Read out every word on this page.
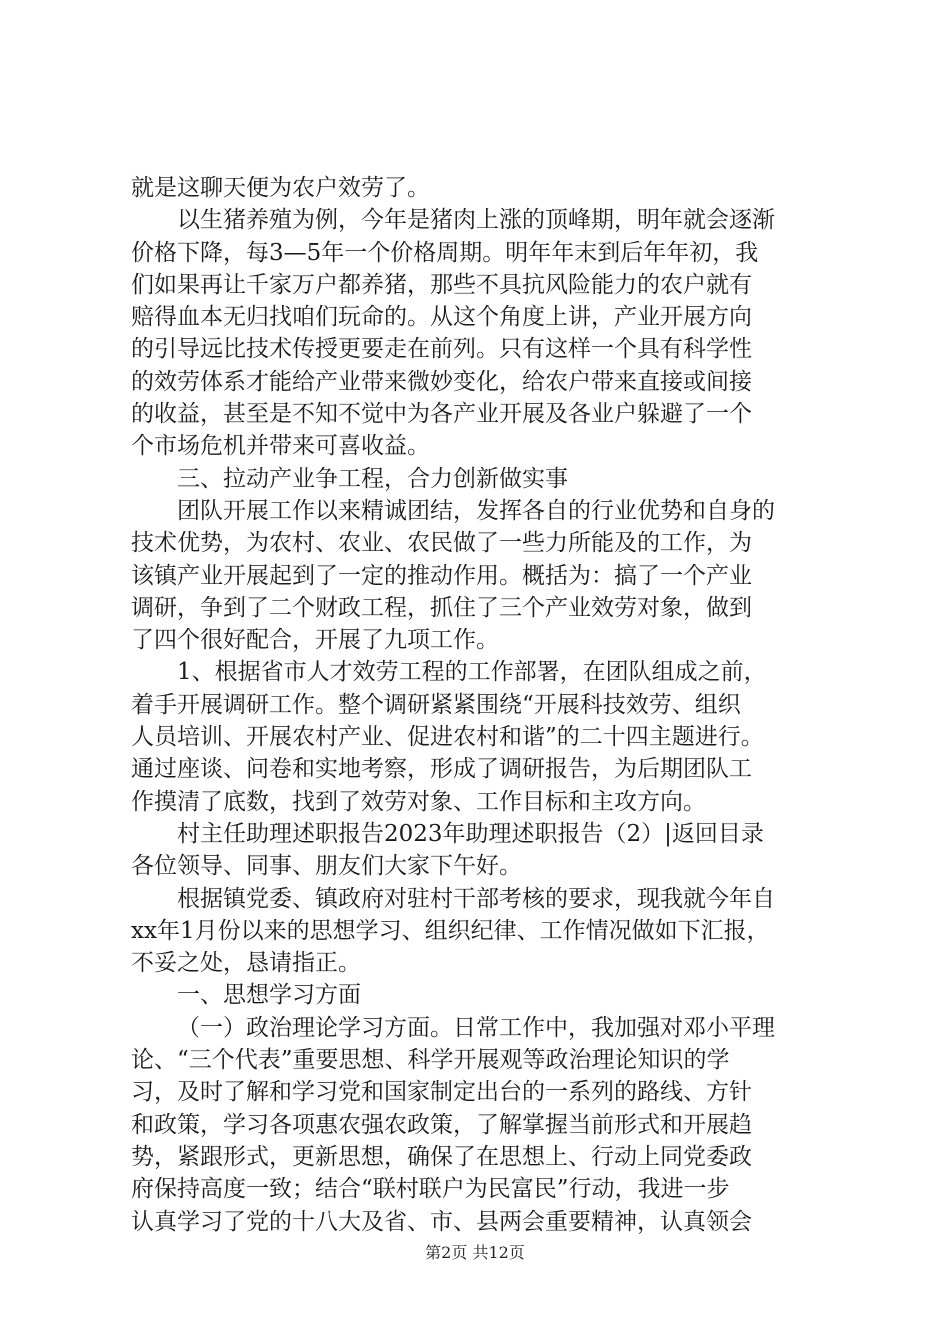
就是这聊天便为农户效劳了。
以生猪养殖为例，今年是猪肉上涨的顶峰期，明年就会逐渐
价格下降，每3—5年一个价格周期。明年年末到后年年初，我
们如果再让千家万户都养猪，那些不具抗风险能力的农户就有
赔得血本无归找咱们玩命的。从这个角度上讲，产业开展方向
的引导远比技术传授更要走在前列。只有这样一个具有科学性
的效劳体系才能给产业带来微妙变化，给农户带来直接或间接
的收益，甚至是不知不觉中为各产业开展及各业户躲避了一个
个市场危机并带来可喜收益。
三、拉动产业争工程，合力创新做实事
团队开展工作以来精诚团结，发挥各自的行业优势和自身的
技术优势，为农村、农业、农民做了一些力所能及的工作，为
该镇产业开展起到了一定的推动作用。概括为：搞了一个产业
调研，争到了二个财政工程，抓住了三个产业效劳对象，做到
了四个很好配合，开展了九项工作。
1、根据省市人才效劳工程的工作部署，在团队组成之前，
着手开展调研工作。整个调研紧紧围绕“开展科技效劳、组织
人员培训、开展农村产业、促进农村和谐”的二十四主题进行。
通过座谈、问卷和实地考察，形成了调研报告，为后期团队工
作摸清了底数，找到了效劳对象、工作目标和主攻方向。
村主任助理述职报告2023年助理述职报告（2）|返回目录
各位领导、同事、朋友们大家下午好。
根据镇党委、镇政府对驻村干部考核的要求，现我就今年自
xx年1月份以来的思想学习、组织纪律、工作情况做如下汇报，
不妥之处，恳请指正。
一、思想学习方面
（一）政治理论学习方面。日常工作中，我加强对邓小平理
论、“三个代表”重要思想、科学开展观等政治理论知识的学
习，及时了解和学习党和国家制定出台的一系列的路线、方针
和政策，学习各项惠农强农政策，了解掌握当前形式和开展趋
势，紧跟形式，更新思想，确保了在思想上、行动上同党委政
府保持高度一致；结合“联村联户为民富民”行动，我进一步
认真学习了党的十八大及省、市、县两会重要精神，认真领会
第2页 共12页
